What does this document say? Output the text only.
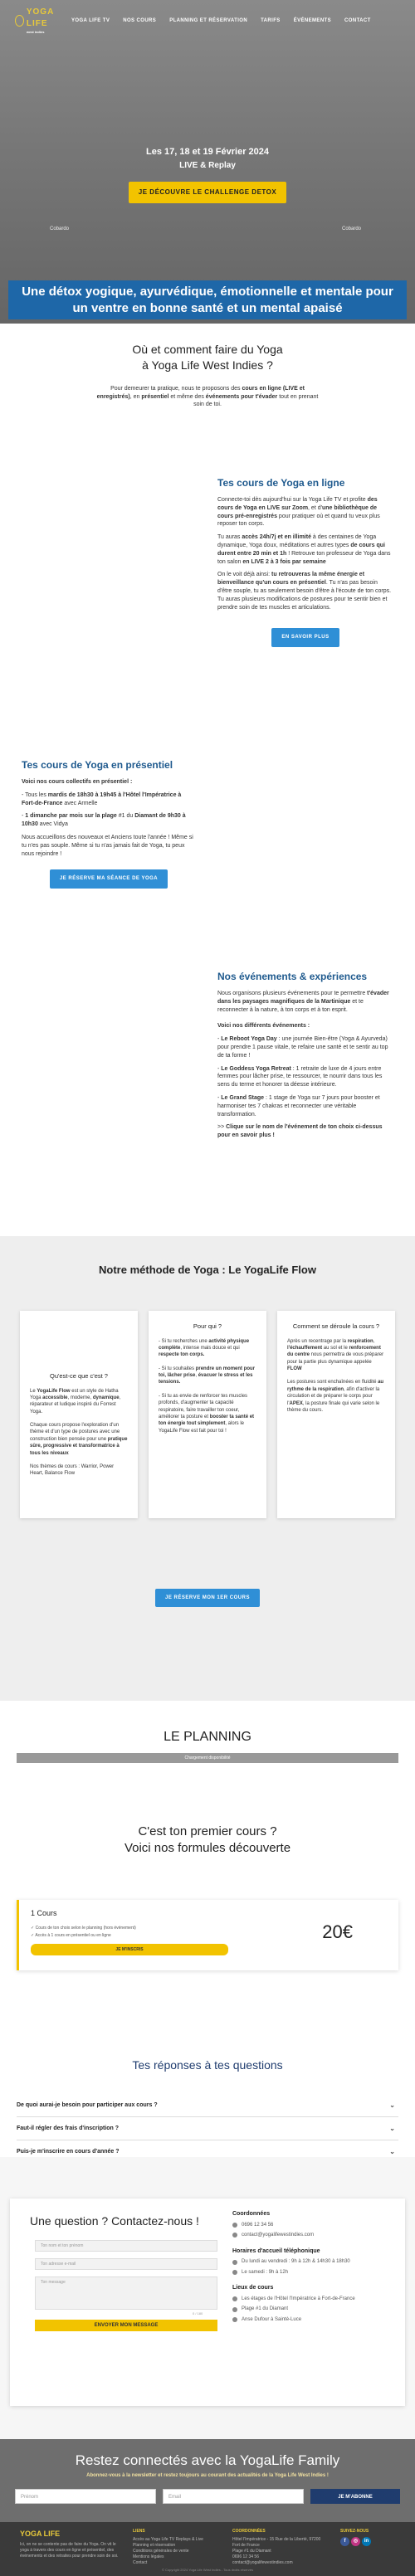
YOGA LIFE
west indies
YOGA LIFE TV	NOS COURS	PLANNING ET RÉSERVATION	TARIFS	ÉVÉNEMENTS	CONTACT
Les 17, 18 et 19 Février 2024
LIVE & Replay
JE DÉCOUVRE LE CHALLENGE DETOX
Cobardo	Cobardo
Une détox yogique, ayurvédique, émotionnelle et mentale pour un ventre en bonne santé et un mental apaisé
Où et comment faire du Yoga
à Yoga Life West Indies ?

Pour demeurer ta pratique, nous te proposons des cours en ligne (LIVE et enregistrés), en présentiel et même des événements pour t'évader tout en prenant soin de toi.

Tes cours de Yoga en ligne

Connecte-toi dès aujourd'hui sur la Yoga Life TV et profite des cours de Yoga en LIVE sur Zoom, et d'une bibliothèque de cours pré-enregistrés pour pratiquer où et quand tu veux plus reposer ton corps.

Tu auras accès 24h/7j et en illimité à des centaines de Yoga dynamique, Yoga doux, méditations et autres types de cours qui durent entre 20 min et 1h ! Retrouve ton professeur de Yoga dans ton salon en LIVE 2 à 3 fois par semaine

On le voit déjà ainsi: tu retrouveras la même énergie et bienveillance qu'un cours en présentiel. Tu n'as pas besoin d'être souple, tu as seulement besoin d'être à l'écoute de ton corps. Tu auras plusieurs modifications de postures pour te sentir bien et prendre soin de tes muscles et articulations.

EN SAVOIR PLUS
Tes cours de Yoga en présentiel

Voici nos cours collectifs en présentiel :

- Tous les mardis de 18h30 à 19h45 à l'Hôtel l'Impératrice à Fort-de-France avec Armelle

- 1 dimanche par mois sur la plage #1 du Diamant de 9h30 à 10h30 avec Vidya

Nous accueillons des nouveaux et Anciens toute l'année ! Même si tu n'es pas souple. Même si tu n'as jamais fait de Yoga, tu peux nous rejoindre !

JE RÉSERVE MA SÉANCE DE YOGA
Nos événements & expériences

Nous organisons plusieurs événements pour te permettre t'évader dans les paysages magnifiques de la Martinique et te reconnecter à la nature, à ton corps et à ton esprit.

Voici nos différents événements :

- Le Reboot Yoga Day : une journée Bien-être (Yoga & Ayurveda) pour prendre 1 pause vitale, te refaire une santé et te sentir au top de ta forme !

- Le Goddess Yoga Retreat : 1 retraite de luxe de 4 jours entre femmes pour lâcher prise, te ressourcer, te nourrir dans tous les sens du terme et honorer ta déesse intérieure.

- Le Grand Stage : 1 stage de Yoga sur 7 jours pour booster et harmoniser tes 7 chakras et reconnecter une véritable transformation.

>> Clique sur le nom de l'événement de ton choix ci-dessus pour en savoir plus !

Notre méthode de Yoga : Le YogaLife Flow
Qu'est-ce que c'est ?

Le YogaLife Flow est un style de Hatha Yoga accessible, moderne, dynamique, réparateur et ludique inspiré du Forrest Yoga.

Chaque cours propose l'exploration d'un thème et d'un type de postures avec une construction bien pensée pour une pratique sûre, progressive et transformatrice à tous les niveaux

Nos thèmes de cours : Warrior, Power Heart, Balance Flow

Pour qui ?

- Si tu recherches une activité physique complète, intense mais douce et qui respecte ton corps.

- Si tu souhaites prendre un moment pour toi, lâcher prise, évacuer le stress et les tensions.

- Si tu as envie de renforcer tes muscles profonds, d'augmenter ta capacité respiratoire, faire travailler ton coeur, améliorer ta posture et booster ta santé et ton énergie tout simplement, alors le YogaLife Flow est fait pour toi !

Comment se déroule la cours ?

Après un recentrage par la respiration, l'échauffement au sol et le renforcement du centre nous permettra de vous préparer pour la partie plus dynamique appelée FLOW

Les postures sont enchaînées en fluidité au rythme de la respiration, afin d'activer la circulation et de préparer le corps pour l'APEX, la posture finale qui varie selon le thème du cours.

JE RÉSERVE MON 1ER COURS
LE PLANNING
Chargement disponibilité
C'est ton premier cours ?
Voici nos formules découverte
1 Cours
✓ Cours de ton choix selon le planning (hors événement)
✓ Accès à 1 cours en présentiel ou en ligne
JE M'INSCRIS
20€
Tes réponses à tes questions
De quoi aurai-je besoin pour participer aux cours ?	⌄
Faut-il régler des frais d'inscription ?	⌄
Puis-je m'inscrire en cours d'année ?	⌄
Une question ? Contactez-nous !
Ton nom et ton prénom
Ton adresse e-mail
Ton message
0 / 180
ENVOYER MON MESSAGE
Coordonnées
0696 12 34 56
contact@yogalifewestindies.com
Horaires d'accueil téléphonique
Du lundi au vendredi : 9h à 12h & 14h30 à 18h30
Le samedi : 9h à 12h
Lieux de cours
Les étages de l'Hôtel l'Impératrice à Fort-de-France
Plage #1 du Diamant
Anse Dufour à Saintè-Luce
Restez connectés avec la YogaLife Family
Abonnez-vous à la newsletter et restez toujours au courant des actualités de la Yoga Life West Indies !
Prénom	Email	JE M'ABONNE
YOGA LIFE
Ici, on ne se contente pas de faire du Yoga. On vit le yoga à travers des cours en ligne et présentiel, des événements et des retraites pour prendre soin de soi.
LIENS
Accès au Yoga Life TV Replays & Live
Planning et réservation
Conditions générales de vente
Mentions légales
Contact
COORDONNÉES
Hôtel l'Impératrice - 15 Rue de la Liberté, 97200 Fort de France
Plage #1 du Diamant
0696 12 34 56
contact@yogalifewestindies.com
SUIVEZ-NOUS
f ◎ in
© Copyright 2024 Yoga Life West Indies - Tous droits réservés
